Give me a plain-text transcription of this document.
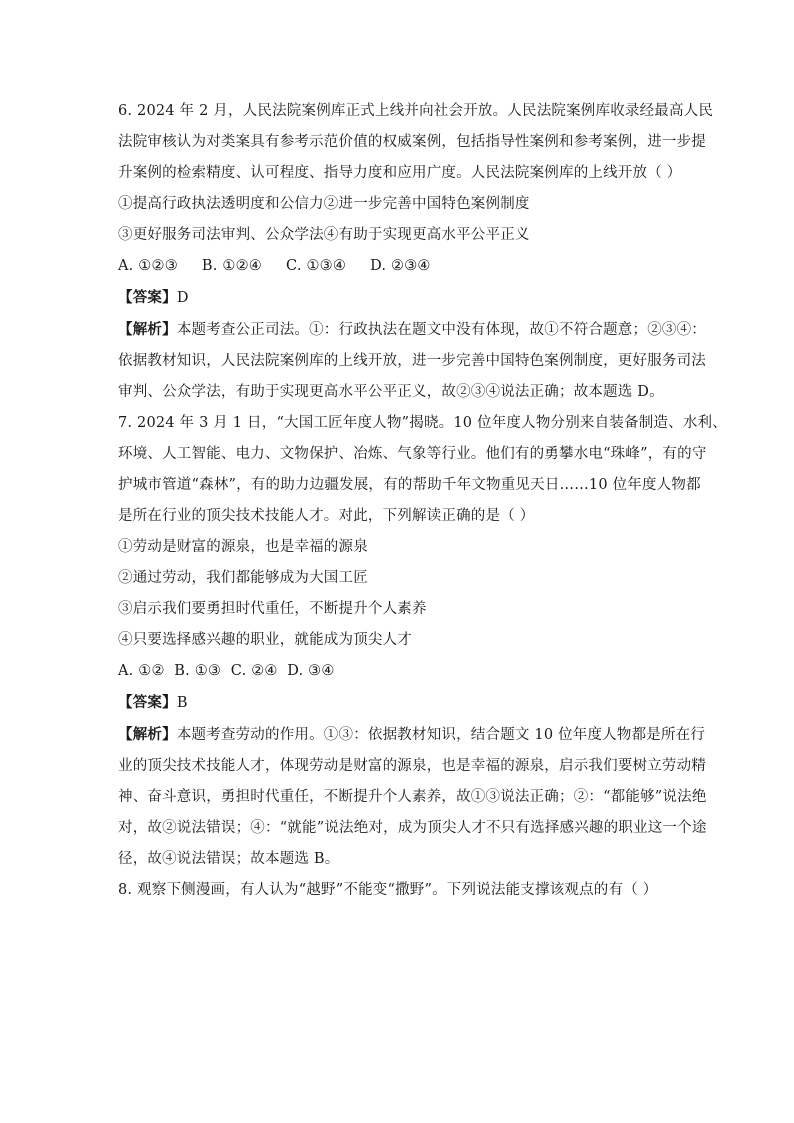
6. 2024 年 2 月，人民法院案例库正式上线并向社会开放。人民法院案例库收录经最高人民
法院审核认为对类案具有参考示范价值的权威案例，包括指导性案例和参考案例，进一步提
升案例的检索精度、认可程度、指导力度和应用广度。人民法院案例库的上线开放（ ）
①提高行政执法透明度和公信力②进一步完善中国特色案例制度
③更好服务司法审判、公众学法④有助于实现更高水平公平正义
A. ①②③     B. ①②④     C. ①③④     D. ②③④
【答案】D
【解析】本题考查公正司法。①：行政执法在题文中没有体现，故①不符合题意；②③④：
依据教材知识，人民法院案例库的上线开放，进一步完善中国特色案例制度，更好服务司法
审判、公众学法，有助于实现更高水平公平正义，故②③④说法正确；故本题选 D。
7. 2024 年 3 月 1 日，“大国工匠年度人物”揭晓。10 位年度人物分别来自装备制造、水利、
环境、人工智能、电力、文物保护、冶炼、气象等行业。他们有的勇攀水电“珠峰”，有的守
护城市管道“森林”，有的助力边疆发展，有的帮助千年文物重见天日……10 位年度人物都
是所在行业的顶尖技术技能人才。对此，下列解读正确的是（ ）
①劳动是财富的源泉，也是幸福的源泉
②通过劳动，我们都能够成为大国工匠
③启示我们要勇担时代重任，不断提升个人素养
④只要选择感兴趣的职业，就能成为顶尖人才
A. ①②  B. ①③  C. ②④  D. ③④
【答案】B
【解析】本题考查劳动的作用。①③：依据教材知识，结合题文 10 位年度人物都是所在行
业的顶尖技术技能人才，体现劳动是财富的源泉，也是幸福的源泉，启示我们要树立劳动精
神、奋斗意识，勇担时代重任，不断提升个人素养，故①③说法正确；②：“都能够”说法绝
对，故②说法错误；④：“就能”说法绝对，成为顶尖人才不只有选择感兴趣的职业这一个途
径，故④说法错误；故本题选 B。
8. 观察下侧漫画，有人认为“越野”不能变“撒野”。下列说法能支撑该观点的有（ ）
